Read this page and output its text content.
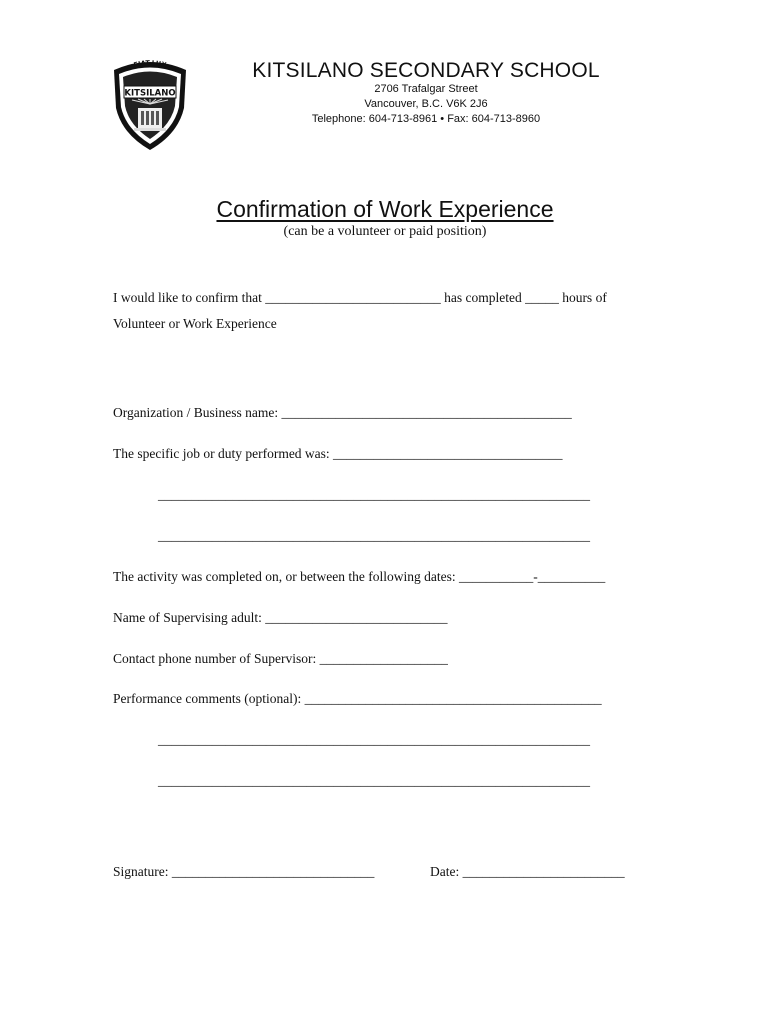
FIAT-LUX
KITSILANO
KITSILANO SECONDARY SCHOOL
2706 Trafalgar Street
Vancouver, B.C. V6K 2J6
Telephone: 604-713-8961 • Fax: 604-713-8960
Confirmation of Work Experience
(can be a volunteer or paid position)
I would like to confirm that __________________________ has completed _____ hours of
Volunteer or Work Experience
Organization / Business name: ___________________________________________
The specific job or duty performed was: __________________________________
________________________________________________________________
________________________________________________________________
The activity was completed on, or between the following dates: ___________-__________
Name of Supervising adult: ___________________________
Contact phone number of Supervisor: ___________________
Performance comments (optional): ____________________________________________
________________________________________________________________
________________________________________________________________
Signature: ______________________________	Date: ________________________
